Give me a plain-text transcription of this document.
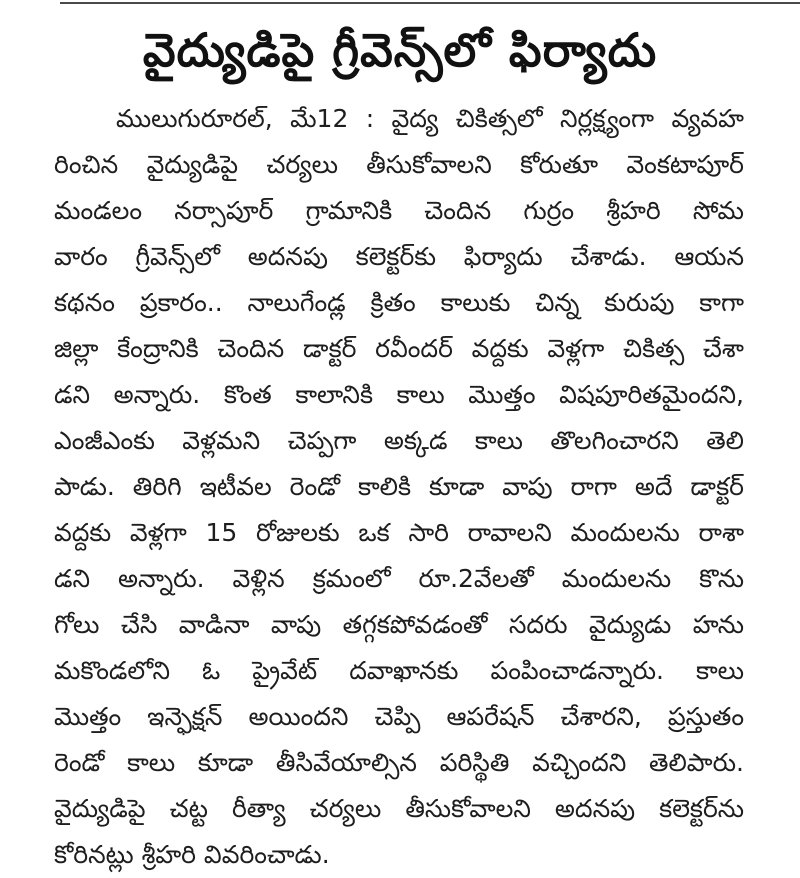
వైద్యుడిపై గ్రీవెన్స్‌లో ఫిర్యాదు
ములుగురూరల్, మే12 : వైద్య చికిత్సలో నిర్లక్ష్యంగా వ్యవహ
రించిన వైద్యుడిపై చర్యలు తీసుకోవాలని కోరుతూ వెంకటాపూర్
మండలం నర్సాపూర్ గ్రామానికి చెందిన గుర్రం శ్రీహరి సోమ
వారం గ్రీవెన్స్‌లో అదనపు కలెక్టర్‌కు ఫిర్యాదు చేశాడు. ఆయన
కథనం ప్రకారం.. నాలుగేండ్ల క్రితం కాలుకు చిన్న కురుపు కాగా
జిల్లా కేంద్రానికి చెందిన డాక్టర్ రవీందర్ వద్దకు వెళ్లగా చికిత్స చేశా
డని అన్నారు. కొంత కాలానికి కాలు మొత్తం విషపూరితమైందని,
ఎంజీఎంకు వెళ్లమని చెప్పగా అక్కడ కాలు తొలగించారని తెలి
పాడు. తిరిగి ఇటీవల రెండో కాలికి కూడా వాపు రాగా అదే డాక్టర్
వద్దకు వెళ్లగా 15 రోజులకు ఒక సారి రావాలని మందులను రాశా
డని అన్నారు. వెళ్లిన క్రమంలో రూ.2వేలతో మందులను కొను
గోలు చేసి వాడినా వాపు తగ్గకపోవడంతో సదరు వైద్యుడు హను
మకొండలోని ఓ ప్రైవేట్ దవాఖానకు పంపించాడన్నారు. కాలు
మొత్తం ఇన్ఫెక్షన్ అయిందని చెప్పి ఆపరేషన్ చేశారని, ప్రస్తుతం
రెండో కాలు కూడా తీసివేయాల్సిన పరిస్థితి వచ్చిందని తెలిపారు.
వైద్యుడిపై చట్ట రీత్యా చర్యలు తీసుకోవాలని అదనపు కలెక్టర్‌ను
కోరినట్లు శ్రీహరి వివరించాడు.
